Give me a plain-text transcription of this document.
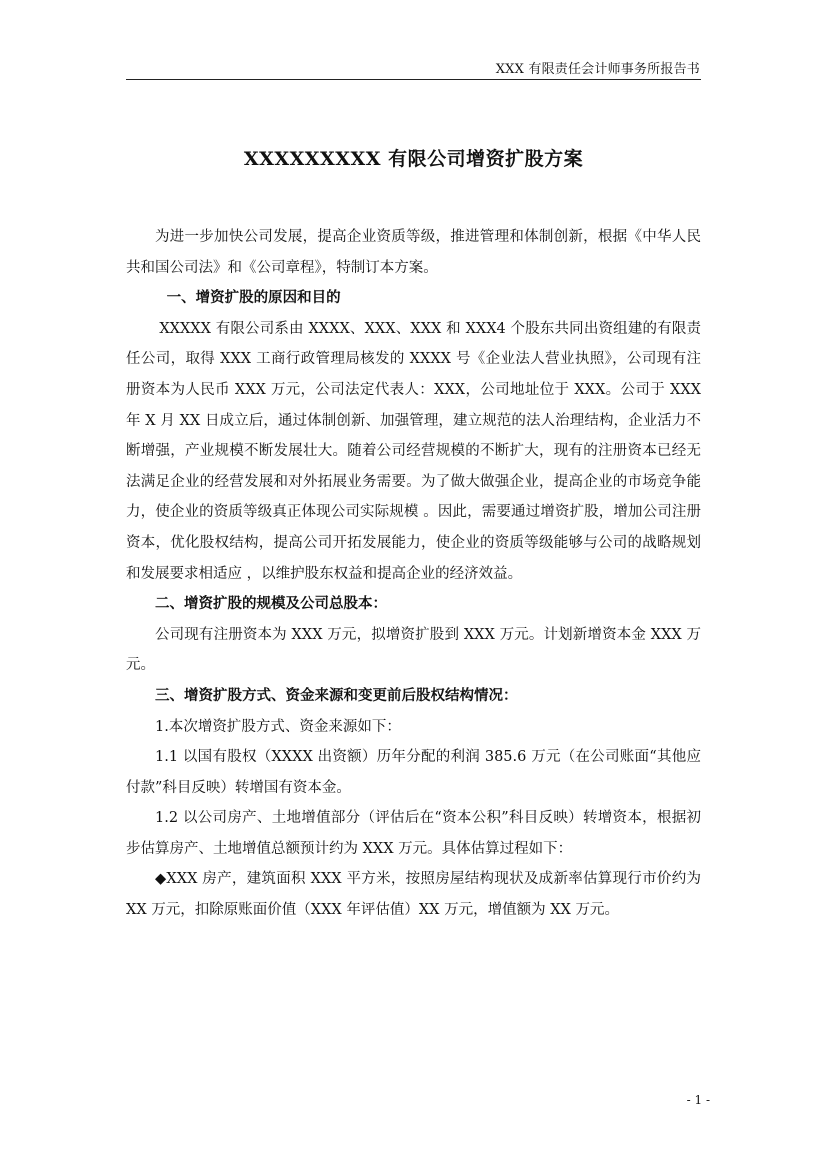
XXX 有限责任会计师事务所报告书
XXXXXXXXX 有限公司增资扩股方案

为进一步加快公司发展，提高企业资质等级，推进管理和体制创新，根据《中华人民共和国公司法》和《公司章程》，特制订本方案。

一、增资扩股的原因和目的

XXXXX 有限公司系由 XXXX、XXX、XXX 和 XXX4 个股东共同出资组建的有限责任公司，取得 XXX 工商行政管理局核发的 XXXX 号《企业法人营业执照》，公司现有注册资本为人民币 XXX 万元，公司法定代表人：XXX，公司地址位于 XXX。公司于 XXX 年 X 月 XX 日成立后，通过体制创新、加强管理，建立规范的法人治理结构，企业活力不断增强，产业规模不断发展壮大。随着公司经营规模的不断扩大，现有的注册资本已经无法满足企业的经营发展和对外拓展业务需要。为了做大做强企业，提高企业的市场竞争能力，使企业的资质等级真正体现公司实际规模 。因此，需要通过增资扩股，增加公司注册资本，优化股权结构，提高公司开拓发展能力，使企业的资质等级能够与公司的战略规划和发展要求相适应 ，以维护股东权益和提高企业的经济效益。

二、增资扩股的规模及公司总股本：

公司现有注册资本为 XXX 万元，拟增资扩股到 XXX 万元。计划新增资本金 XXX 万元。

三、增资扩股方式、资金来源和变更前后股权结构情况：

1.本次增资扩股方式、资金来源如下：

1.1 以国有股权（XXXX 出资额）历年分配的利润 385.6 万元（在公司账面“其他应付款”科目反映）转增国有资本金。

1.2 以公司房产、土地增值部分（评估后在“资本公积”科目反映）转增资本，根据初步估算房产、土地增值总额预计约为 XXX 万元。具体估算过程如下：

◆XXX 房产，建筑面积 XXX 平方米，按照房屋结构现状及成新率估算现行市价约为 XX 万元，扣除原账面价值（XXX 年评估值）XX 万元，增值额为 XX 万元。

- 1 -
